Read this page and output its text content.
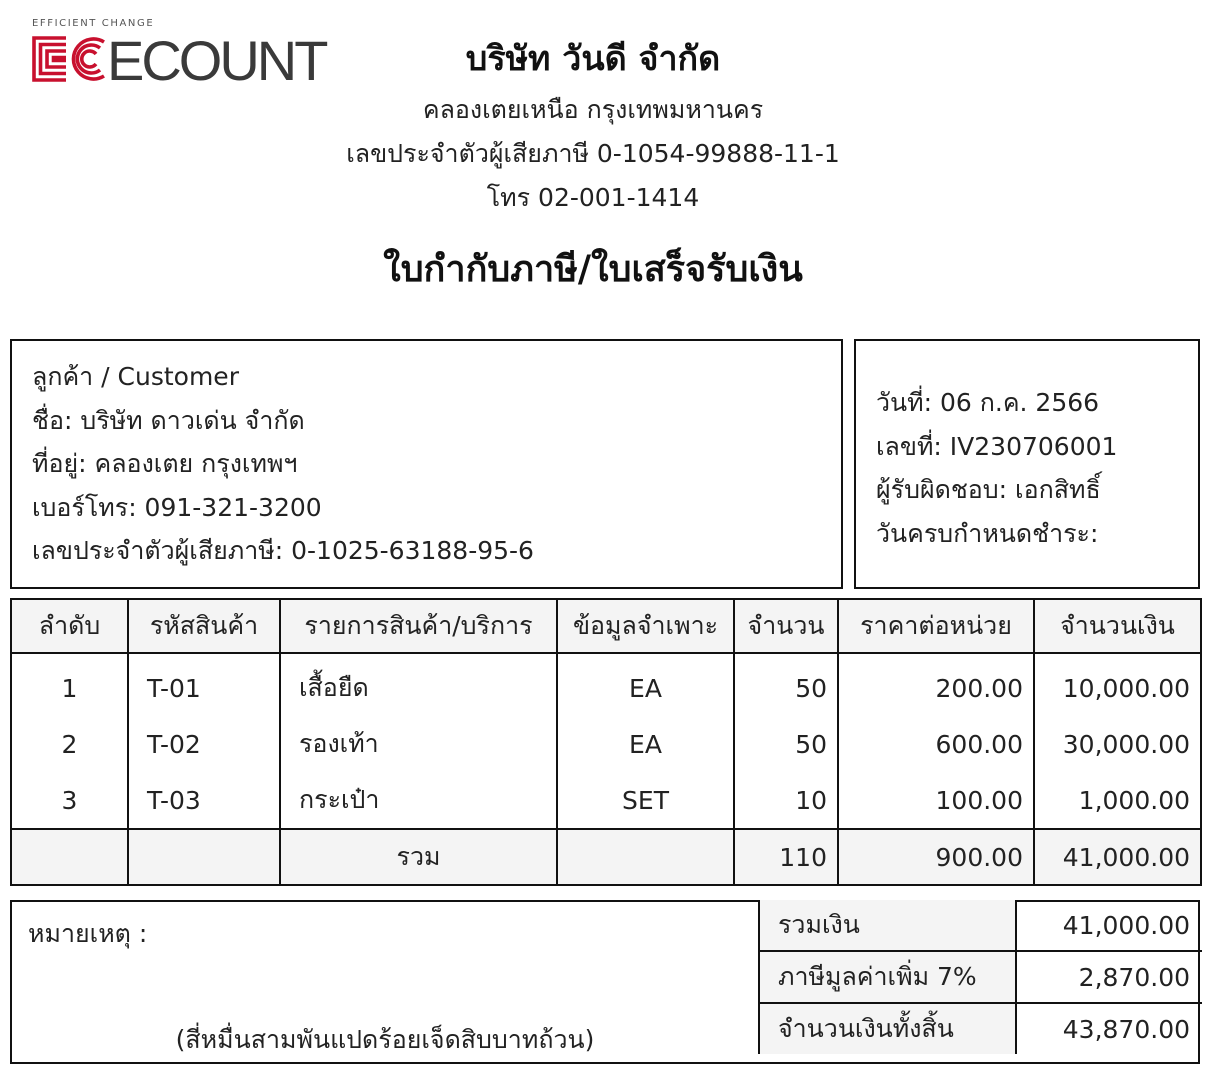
EFFICIENT CHANGE
ECOUNT	บริษัท วันดี จำกัด
คลองเตยเหนือ กรุงเทพมหานคร
เลขประจำตัวผู้เสียภาษี 0-1054-99888-11-1
โทร 02-001-1414
ใบกำกับภาษี/ใบเสร็จรับเงิน
ลูกค้า / Customer
ชื่อ: บริษัท ดาวเด่น จำกัด
ที่อยู่: คลองเตย กรุงเทพฯ
เบอร์โทร: 091-321-3200
เลขประจำตัวผู้เสียภาษี: 0-1025-63188-95-6
วันที่: 06 ก.ค. 2566
เลขที่: IV230706001
ผู้รับผิดชอบ: เอกสิทธิ์
วันครบกำหนดชำระ:
ลำดับ	รหัสสินค้า	รายการสินค้า/บริการ	ข้อมูลจำเพาะ	จำนวน	ราคาต่อหน่วย	จำนวนเงิน
1	T-01	เสื้อยืด	EA	50	200.00	10,000.00
2	T-02	รองเท้า	EA	50	600.00	30,000.00
3	T-03	กระเป๋า	SET	10	100.00	1,000.00
		รวม		110	900.00	41,000.00
หมายเหตุ :
(สี่หมื่นสามพันแปดร้อยเจ็ดสิบบาทถ้วน)
รวมเงิน	41,000.00
ภาษีมูลค่าเพิ่ม 7%	2,870.00
จำนวนเงินทั้งสิ้น	43,870.00
